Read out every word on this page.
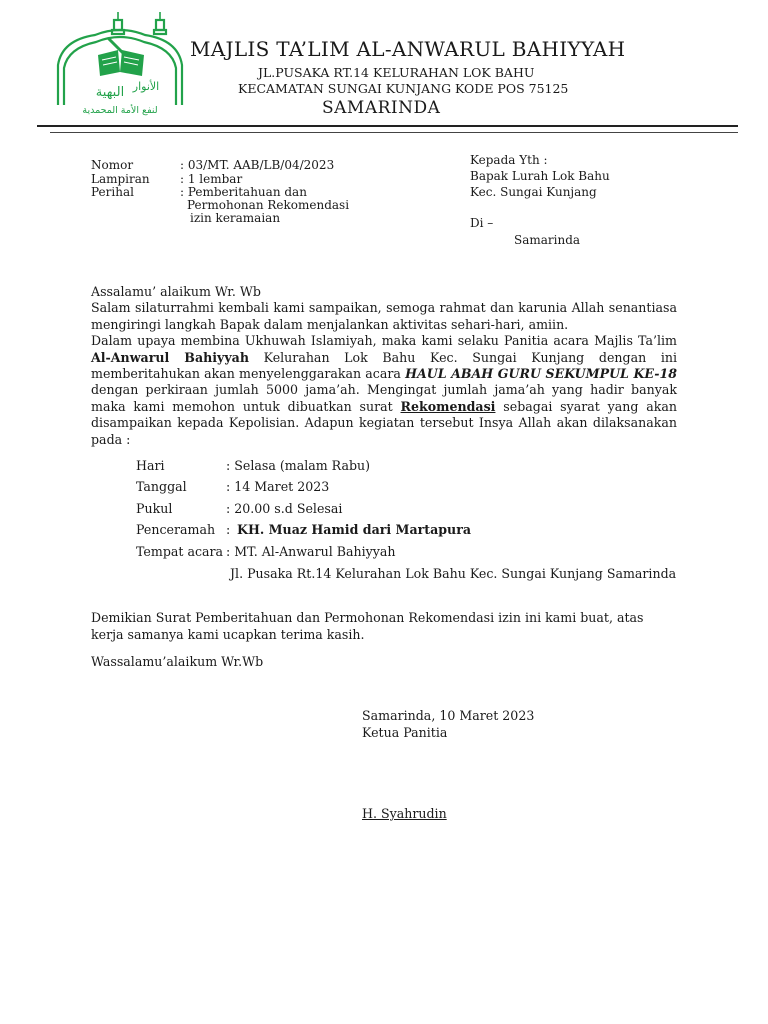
الأنوار
البهية
لنفع الأمة المحمدية
MAJLIS TA’LIM AL-ANWARUL BAHIYYAH
JL.PUSAKA RT.14 KELURAHAN LOK BAHU
KECAMATAN SUNGAI KUNJANG KODE POS 75125
SAMARINDA
Nomor	: 03/MT. AAB/LB/04/2023
Lampiran	: 1 lembar
Perihal	: Pemberitahuan dan
Permohonan Rekomendasi
izin keramaian
Kepada Yth :
Bapak Lurah Lok Bahu
Kec. Sungai Kunjang
Di –
Samarinda
Assalamu’ alaikum Wr. Wb
Salam silaturrahmi kembali kami sampaikan, semoga rahmat dan karunia Allah senantiasa
mengiringi langkah Bapak dalam menjalankan aktivitas sehari-hari, amiin.
Dalam upaya membina Ukhuwah Islamiyah, maka kami selaku Panitia acara Majlis Ta’lim
Al-Anwarul Bahiyyah Kelurahan Lok Bahu Kec. Sungai Kunjang dengan ini
memberitahukan akan menyelenggarakan acara HAUL ABAH GURU SEKUMPUL KE-18
dengan perkiraan jumlah 5000 jama’ah. Mengingat jumlah jama’ah yang hadir banyak
maka kami memohon untuk dibuatkan surat Rekomendasi sebagai syarat yang akan
disampaikan kepada Kepolisian. Adapun kegiatan tersebut Insya Allah akan dilaksanakan
pada :
Hari	: Selasa (malam Rabu)
Tanggal	: 14 Maret 2023
Pukul	: 20.00 s.d Selesai
Penceramah : KH. Muaz Hamid dari Martapura
Tempat acara : MT. Al-Anwarul Bahiyyah
Jl. Pusaka Rt.14 Kelurahan Lok Bahu Kec. Sungai Kunjang Samarinda
Demikian Surat Pemberitahuan dan Permohonan Rekomendasi izin ini kami buat, atas
kerja samanya kami ucapkan terima kasih.
Wassalamu’alaikum Wr.Wb
Samarinda, 10 Maret 2023
Ketua Panitia
H. Syahrudin
